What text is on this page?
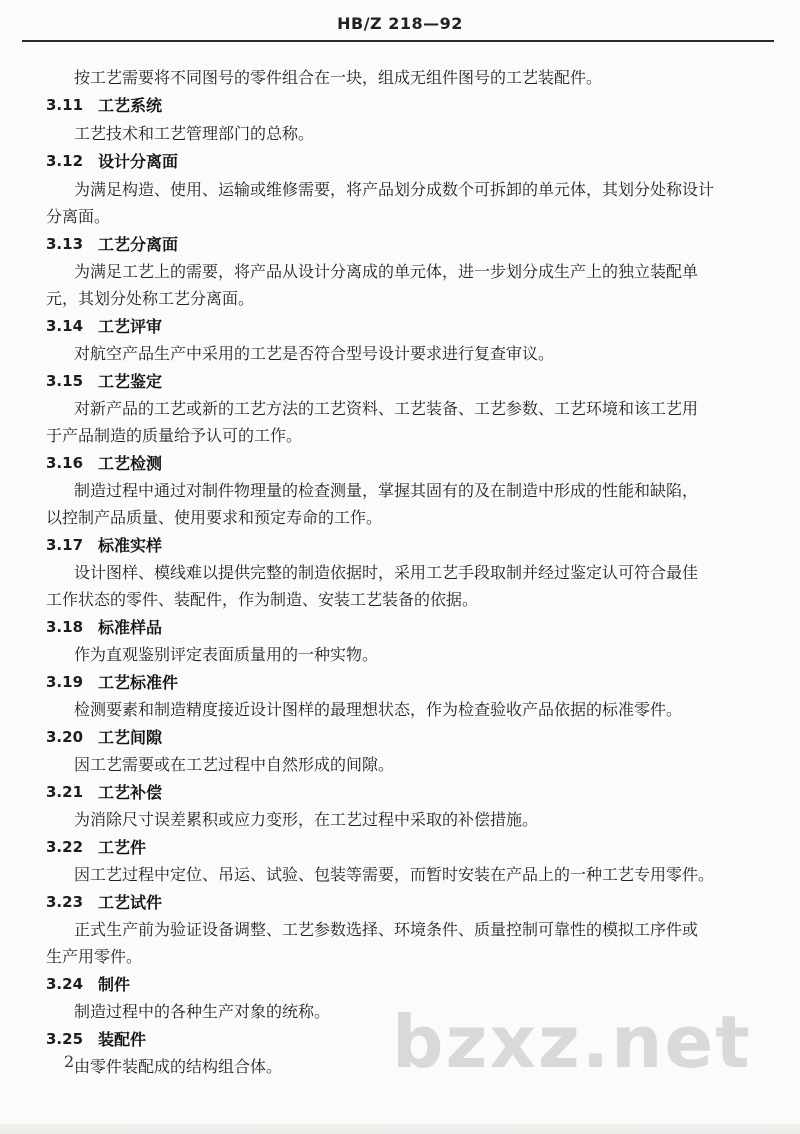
HB/Z 218—92
按工艺需要将不同图号的零件组合在一块，组成无组件图号的工艺装配件。
3.11 工艺系统
工艺技术和工艺管理部门的总称。
3.12 设计分离面
为满足构造、使用、运输或维修需要，将产品划分成数个可拆卸的单元体，其划分处称设计
分离面。
3.13 工艺分离面
为满足工艺上的需要，将产品从设计分离成的单元体，进一步划分成生产上的独立装配单
元，其划分处称工艺分离面。
3.14 工艺评审
对航空产品生产中采用的工艺是否符合型号设计要求进行复查审议。
3.15 工艺鉴定
对新产品的工艺或新的工艺方法的工艺资料、工艺装备、工艺参数、工艺环境和该工艺用
于产品制造的质量给予认可的工作。
3.16 工艺检测
制造过程中通过对制件物理量的检查测量，掌握其固有的及在制造中形成的性能和缺陷，
以控制产品质量、使用要求和预定寿命的工作。
3.17 标准实样
设计图样、模线难以提供完整的制造依据时，采用工艺手段取制并经过鉴定认可符合最佳
工作状态的零件、装配件，作为制造、安装工艺装备的依据。
3.18 标准样品
作为直观鉴别评定表面质量用的一种实物。
3.19 工艺标准件
检测要素和制造精度接近设计图样的最理想状态，作为检查验收产品依据的标准零件。
3.20 工艺间隙
因工艺需要或在工艺过程中自然形成的间隙。
3.21 工艺补偿
为消除尺寸误差累积或应力变形，在工艺过程中采取的补偿措施。
3.22 工艺件
因工艺过程中定位、吊运、试验、包装等需要，而暂时安装在产品上的一种工艺专用零件。
3.23 工艺试件
正式生产前为验证设备调整、工艺参数选择、环境条件、质量控制可靠性的模拟工序件或
生产用零件。
3.24 制件
制造过程中的各种生产对象的统称。
3.25 装配件
由零件装配成的结构组合体。 bzxz.net
2
